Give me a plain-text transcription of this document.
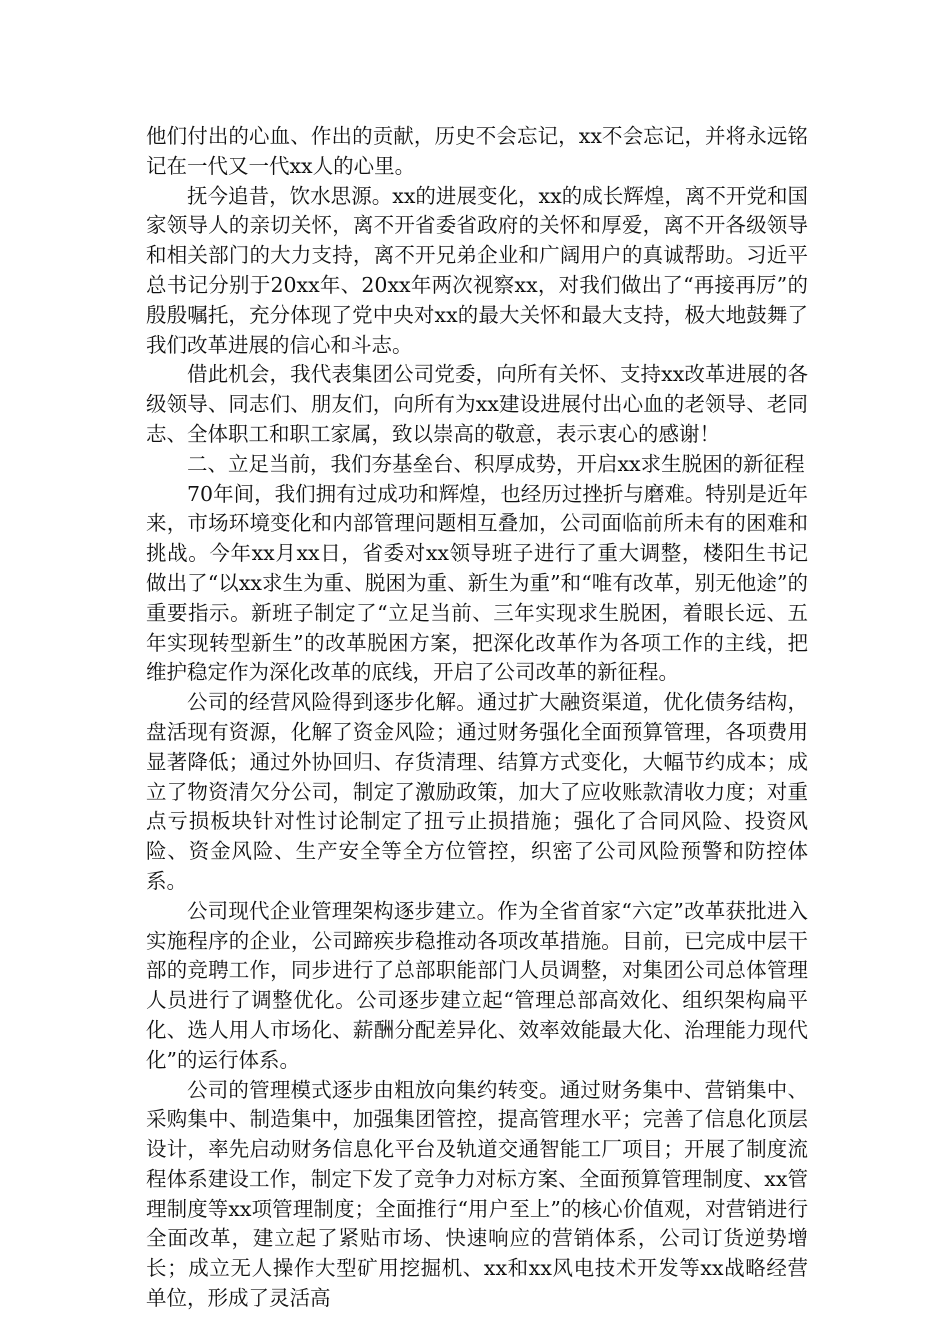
他们付出的心血、作出的贡献，历史不会忘记，xx不会忘记，并将永远铭记在一代又一代xx人的心里。

抚今追昔，饮水思源。xx的进展变化，xx的成长辉煌，离不开党和国家领导人的亲切关怀，离不开省委省政府的关怀和厚爱，离不开各级领导和相关部门的大力支持，离不开兄弟企业和广阔用户的真诚帮助。习近平总书记分别于20xx年、20xx年两次视察xx，对我们做出了“再接再厉”的殷殷嘱托，充分体现了党中央对xx的最大关怀和最大支持，极大地鼓舞了我们改革进展的信心和斗志。

借此机会，我代表集团公司党委，向所有关怀、支持xx改革进展的各级领导、同志们、朋友们，向所有为xx建设进展付出心血的老领导、老同志、全体职工和职工家属，致以崇高的敬意，表示衷心的感谢！

二、立足当前，我们夯基垒台、积厚成势，开启xx求生脱困的新征程

70年间，我们拥有过成功和辉煌，也经历过挫折与磨难。特别是近年来，市场环境变化和内部管理问题相互叠加，公司面临前所未有的困难和挑战。今年xx月xx日，省委对xx领导班子进行了重大调整，楼阳生书记做出了“以xx求生为重、脱困为重、新生为重”和“唯有改革，别无他途”的重要指示。新班子制定了“立足当前、三年实现求生脱困，着眼长远、五年实现转型新生”的改革脱困方案，把深化改革作为各项工作的主线，把维护稳定作为深化改革的底线，开启了公司改革的新征程。

公司的经营风险得到逐步化解。通过扩大融资渠道，优化债务结构，盘活现有资源，化解了资金风险；通过财务强化全面预算管理，各项费用显著降低；通过外协回归、存货清理、结算方式变化，大幅节约成本；成立了物资清欠分公司，制定了激励政策，加大了应收账款清收力度；对重点亏损板块针对性讨论制定了扭亏止损措施；强化了合同风险、投资风险、资金风险、生产安全等全方位管控，织密了公司风险预警和防控体系。

公司现代企业管理架构逐步建立。作为全省首家“六定”改革获批进入实施程序的企业，公司蹄疾步稳推动各项改革措施。目前，已完成中层干部的竞聘工作，同步进行了总部职能部门人员调整，对集团公司总体管理人员进行了调整优化。公司逐步建立起“管理总部高效化、组织架构扁平化、选人用人市场化、薪酬分配差异化、效率效能最大化、治理能力现代化”的运行体系。

公司的管理模式逐步由粗放向集约转变。通过财务集中、营销集中、采购集中、制造集中，加强集团管控，提高管理水平；完善了信息化顶层设计，率先启动财务信息化平台及轨道交通智能工厂项目；开展了制度流程体系建设工作，制定下发了竞争力对标方案、全面预算管理制度、xx管理制度等xx项管理制度；全面推行“用户至上”的核心价值观，对营销进行全面改革，建立起了紧贴市场、快速响应的营销体系，公司订货逆势增长；成立无人操作大型矿用挖掘机、xx和xx风电技术开发等xx战略经营单位，形成了灵活高
